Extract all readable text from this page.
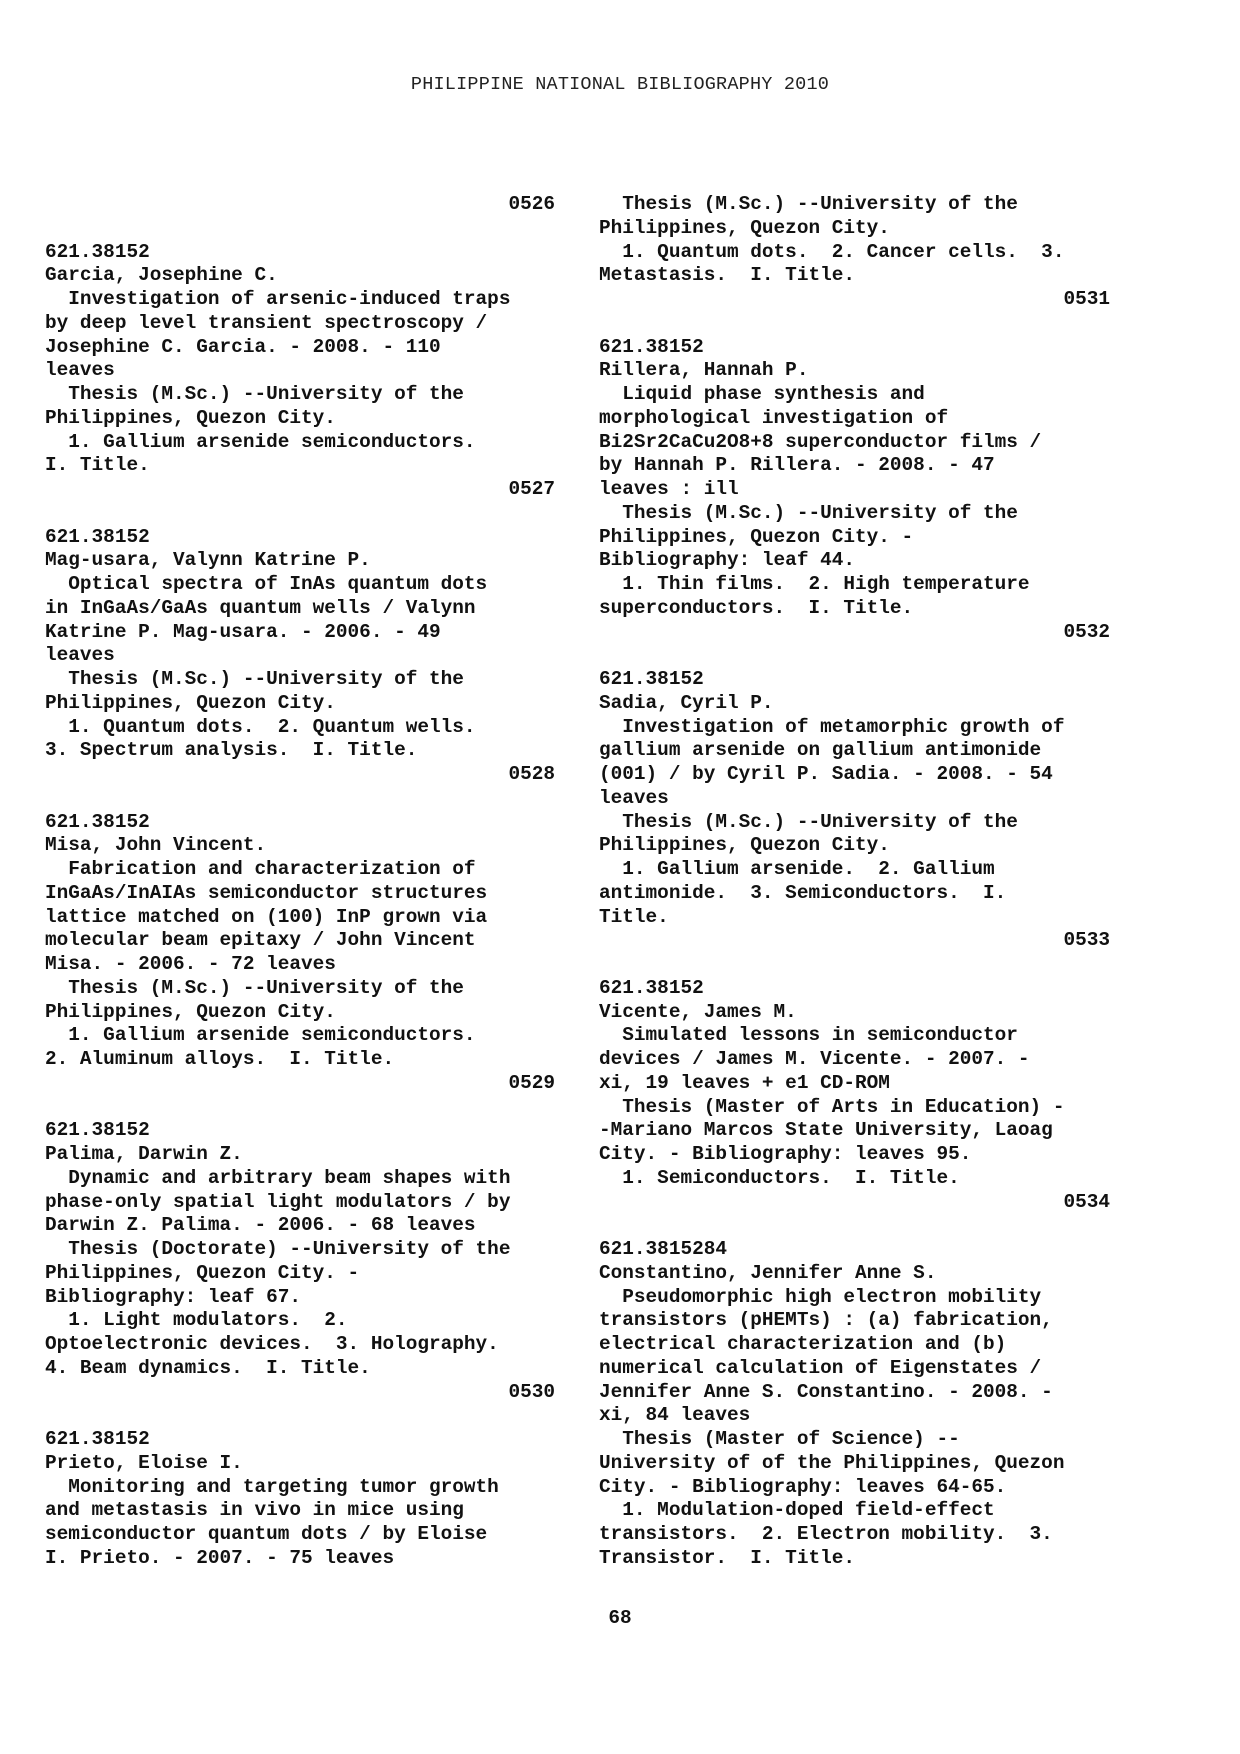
PHILIPPINE NATIONAL BIBLIOGRAPHY 2010
0526
621.38152
Garcia, Josephine C.
Investigation of arsenic-induced traps
by deep level transient spectroscopy /
Josephine C. Garcia. - 2008. - 110
leaves
Thesis (M.Sc.) --University of the
Philippines, Quezon City.
1. Gallium arsenide semiconductors.
I. Title.
0527
621.38152
Mag-usara, Valynn Katrine P.
Optical spectra of InAs quantum dots
in InGaAs/GaAs quantum wells / Valynn
Katrine P. Mag-usara. - 2006. - 49
leaves
Thesis (M.Sc.) --University of the
Philippines, Quezon City.
1. Quantum dots.  2. Quantum wells.
3. Spectrum analysis.  I. Title.
0528
621.38152
Misa, John Vincent.
Fabrication and characterization of
InGaAs/InAIAs semiconductor structures
lattice matched on (100) InP grown via
molecular beam epitaxy / John Vincent
Misa. - 2006. - 72 leaves
Thesis (M.Sc.) --University of the
Philippines, Quezon City.
1. Gallium arsenide semiconductors.
2. Aluminum alloys.  I. Title.
0529
621.38152
Palima, Darwin Z.
Dynamic and arbitrary beam shapes with
phase-only spatial light modulators / by
Darwin Z. Palima. - 2006. - 68 leaves
Thesis (Doctorate) --University of the
Philippines, Quezon City. -
Bibliography: leaf 67.
1. Light modulators.  2.
Optoelectronic devices.  3. Holography.
4. Beam dynamics.  I. Title.
0530
621.38152
Prieto, Eloise I.
Monitoring and targeting tumor growth
and metastasis in vivo in mice using
semiconductor quantum dots / by Eloise
I. Prieto. - 2007. - 75 leaves
Thesis (M.Sc.) --University of the
Philippines, Quezon City.
1. Quantum dots.  2. Cancer cells.  3.
Metastasis.  I. Title.
0531
621.38152
Rillera, Hannah P.
Liquid phase synthesis and
morphological investigation of
Bi2Sr2CaCu2O8+8 superconductor films /
by Hannah P. Rillera. - 2008. - 47
leaves : ill
Thesis (M.Sc.) --University of the
Philippines, Quezon City. -
Bibliography: leaf 44.
1. Thin films.  2. High temperature
superconductors.  I. Title.
0532
621.38152
Sadia, Cyril P.
Investigation of metamorphic growth of
gallium arsenide on gallium antimonide
(001) / by Cyril P. Sadia. - 2008. - 54
leaves
Thesis (M.Sc.) --University of the
Philippines, Quezon City.
1. Gallium arsenide.  2. Gallium
antimonide.  3. Semiconductors.  I.
Title.
0533
621.38152
Vicente, James M.
Simulated lessons in semiconductor
devices / James M. Vicente. - 2007. -
xi, 19 leaves + e1 CD-ROM
Thesis (Master of Arts in Education) -
-Mariano Marcos State University, Laoag
City. - Bibliography: leaves 95.
1. Semiconductors.  I. Title.
0534
621.3815284
Constantino, Jennifer Anne S.
Pseudomorphic high electron mobility
transistors (pHEMTs) : (a) fabrication,
electrical characterization and (b)
numerical calculation of Eigenstates /
Jennifer Anne S. Constantino. - 2008. -
xi, 84 leaves
Thesis (Master of Science) --
University of of the Philippines, Quezon
City. - Bibliography: leaves 64-65.
1. Modulation-doped field-effect
transistors.  2. Electron mobility.  3.
Transistor.  I. Title.
68
